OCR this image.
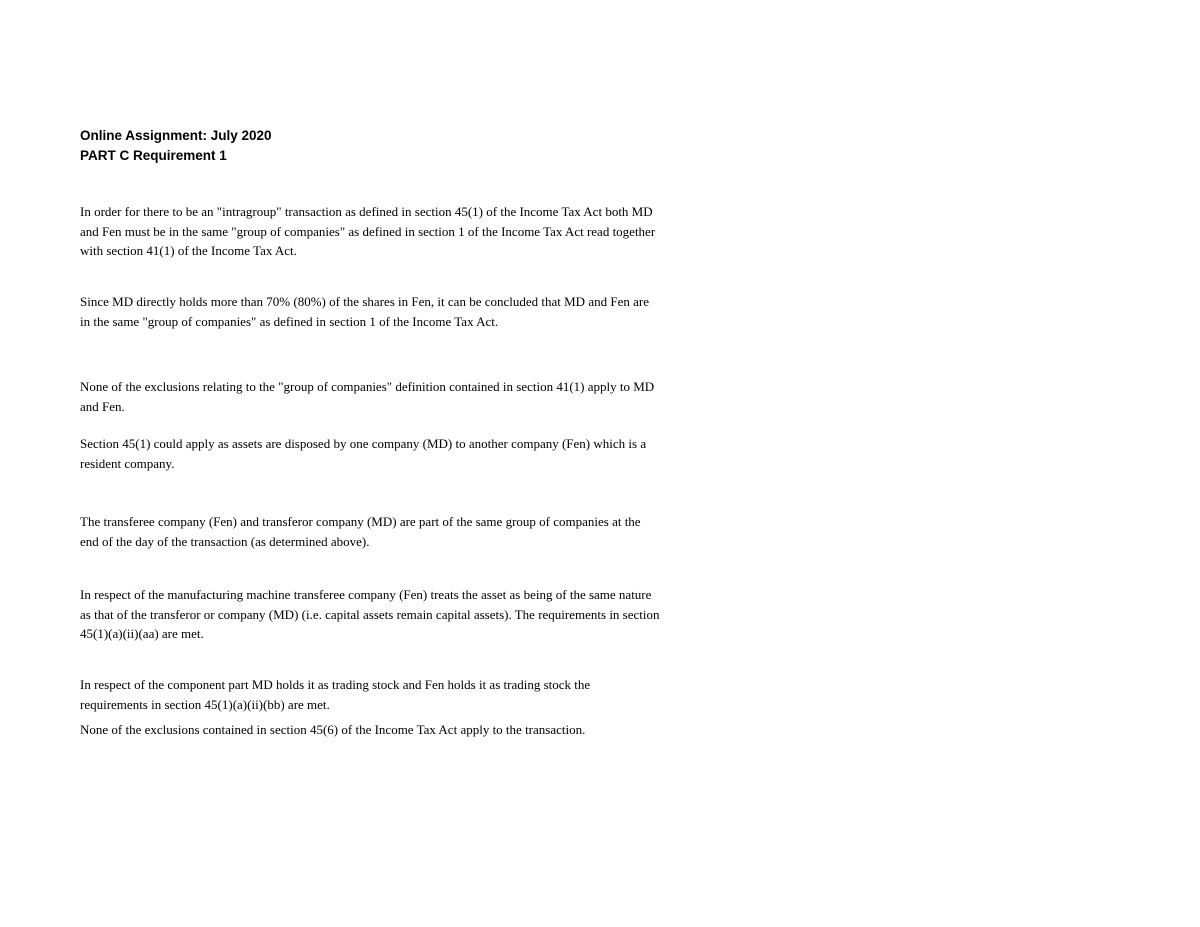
Online Assignment: July 2020

PART C Requirement 1

In order for there to be an "intragroup" transaction as defined in section 45(1) of the Income Tax Act both MD and Fen must be in the same "group of companies" as defined in section 1 of the Income Tax Act read together with section 41(1) of the Income Tax Act.

Since MD directly holds more than 70% (80%) of the shares in Fen, it can be concluded that MD and Fen are in the same "group of companies" as defined in section 1 of the Income Tax Act.

None of the exclusions relating to the "group of companies" definition contained in section 41(1) apply to MD and Fen.

Section 45(1) could apply as assets are disposed by one company (MD) to another company (Fen) which is a resident company.

The transferee company (Fen) and transferor company (MD) are part of the same group of companies at the end of the day of the transaction (as determined above).

In respect of the manufacturing machine transferee company (Fen) treats the asset as being of the same nature as that of the transferor or company (MD) (i.e. capital assets remain capital assets). The requirements in section 45(1)(a)(ii)(aa) are met.

In respect of the component part MD holds it as trading stock and Fen holds it as trading stock the requirements in section 45(1)(a)(ii)(bb) are met.

None of the exclusions contained in section 45(6) of the Income Tax Act apply to the transaction.
